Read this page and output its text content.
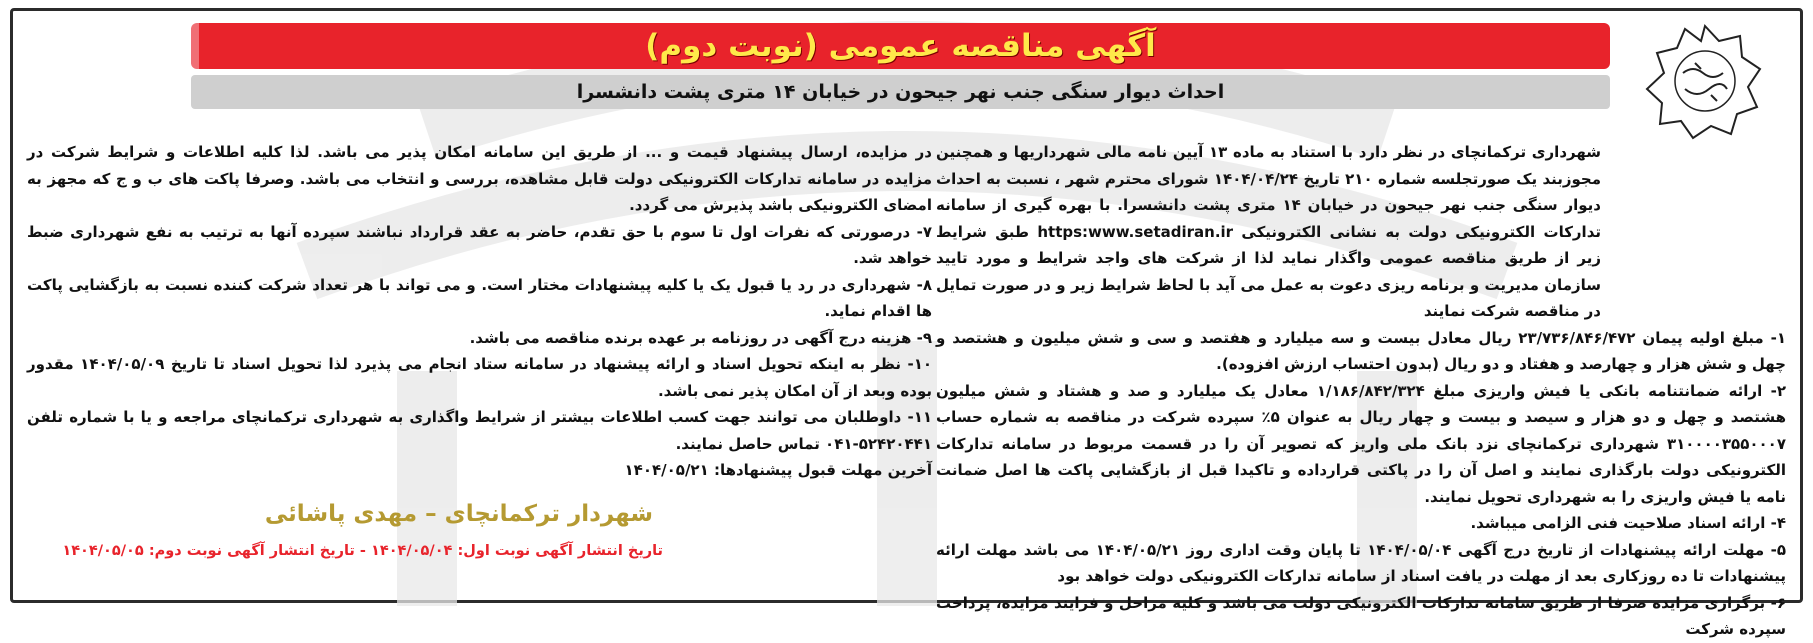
آگهی مناقصه عمومی (نوبت دوم)
احداث دیوار سنگی جنب نهر جیحون در خیابان ۱۴ متری پشت دانشسرا
شهرداری ترکمانچای در نظر دارد با استناد به ماده ۱۳ آیین نامه مالی شهرداریها و همچنین مجوزبند یک صورتجلسه شماره ۲۱۰ تاریخ ۱۴۰۴/۰۴/۲۴ شورای محترم شهر ، نسبت به احداث دیوار سنگی جنب نهر جیحون در خیابان ۱۴ متری پشت دانشسرا. با بهره گیری از سامانه تدارکات الکترونیکی دولت به نشانی الکترونیکی https:www.setadiran.ir طبق شرایط زیر از طریق مناقصه عمومی واگذار نماید لذا از شرکت های واجد شرایط و مورد تایید سازمان مدیریت و برنامه ریزی دعوت به عمل می آید با لحاظ شرایط زیر و در صورت تمایل در مناقصه شرکت نمایند
۱- مبلغ اولیه پیمان ۲۳/۷۳۶/۸۴۶/۴۷۲ ریال معادل بیست و سه میلیارد و هفتصد و سی و شش میلیون و هشتصد و چهل و شش هزار و چهارصد و هفتاد و دو ریال (بدون احتساب ارزش افزوده).
۲- ارائه ضمانتنامه بانکی یا فیش واریزی مبلغ ۱/۱۸۶/۸۴۲/۳۲۴ معادل یک میلیارد و صد و هشتاد و شش میلیون هشتصد و چهل و دو هزار و سیصد و بیست و چهار ریال به عنوان ۵٪ سپرده شرکت در مناقصه به شماره حساب ۳۱۰۰۰۰۳۵۵۰۰۰۷ شهرداری ترکمانچای نزد بانک ملی واریز که تصویر آن را در قسمت مربوط در سامانه تدارکات الکترونیکی دولت بارگذاری نمایند و اصل آن را در پاکتی قرارداده و تاکیدا قبل از بازگشایی پاکت ها اصل ضمانت نامه یا فیش واریزی را به شهرداری تحویل نمایند.
۴- ارائه اسناد صلاحیت فنی الزامی میباشد.
۵- مهلت ارائه پیشنهادات از تاریخ درج آگهی ۱۴۰۴/۰۵/۰۴ تا پایان وقت اداری روز ۱۴۰۴/۰۵/۲۱ می باشد مهلت ارائه پیشنهادات تا ده روزکاری بعد از مهلت در یافت اسناد از سامانه تدارکات الکترونیکی دولت خواهد بود
۶- برگزاری مزایده صرفا از طریق سامانه تدارکات الکترونیکی دولت می باشد و کلیه مراحل و فرایند مزایده، پرداخت سپرده شرکت
در مزایده، ارسال پیشنهاد قیمت و ... از طریق این سامانه امکان پذیر می باشد. لذا کلیه اطلاعات و شرایط شرکت در مزایده در سامانه تدارکات الکترونیکی دولت قابل مشاهده، بررسی و انتخاب می باشد. وصرفا پاکت های ب و ج که مجهز به امضای الکترونیکی باشد پذیرش می گردد.
۷- درصورتی که نفرات اول تا سوم با حق تقدم، حاضر به عقد قرارداد نباشند سپرده آنها به ترتیب به نفع شهرداری ضبط خواهد شد.
۸- شهرداری در رد یا قبول یک یا کلیه پیشنهادات مختار است. و می تواند با هر تعداد شرکت کننده نسبت به بازگشایی پاکت ها اقدام نماید.
۹- هزینه درج آگهی در روزنامه بر عهده برنده مناقصه می باشد.
۱۰- نظر به اینکه تحویل اسناد و ارائه پیشنهاد در سامانه ستاد انجام می پذیرد لذا تحویل اسناد تا تاریخ ۱۴۰۴/۰۵/۰۹ مقدور بوده وبعد از آن امکان پذیر نمی باشد.
۱۱- داوطلبان می توانند جهت کسب اطلاعات بیشتر از شرایط واگذاری به شهرداری ترکمانچای مراجعه و یا با شماره تلفن ۵۲۴۲۰۴۴۱-۰۴۱ تماس حاصل نمایند.
آخرین مهلت قبول پیشنهادها: ۱۴۰۴/۰۵/۲۱
شهردار ترکمانچای – مهدی پاشائی
تاریخ انتشار آگهی نوبت اول: ۱۴۰۴/۰۵/۰۴ - تاریخ انتشار آگهی نوبت دوم: ۱۴۰۴/۰۵/۰۵
